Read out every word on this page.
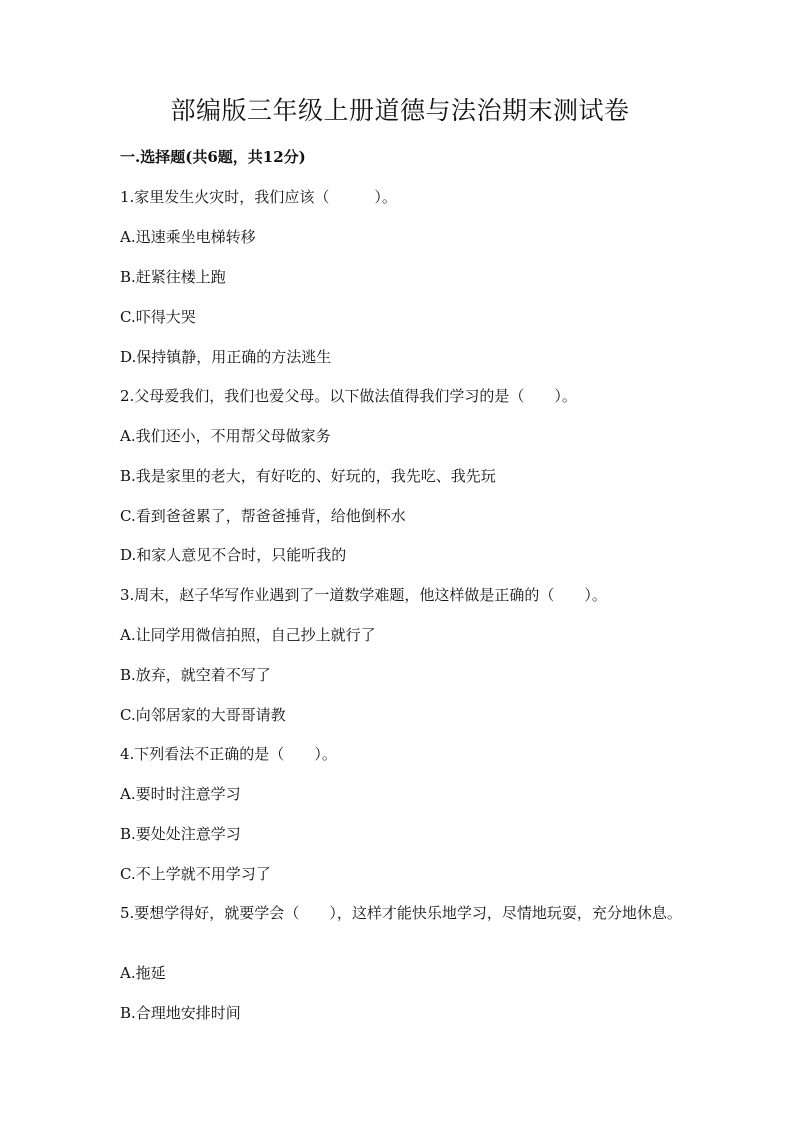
部编版三年级上册道德与法治期末测试卷
一.选择题(共6题，共12分)
1.家里发生火灾时，我们应该（　　　）。
A.迅速乘坐电梯转移
B.赶紧往楼上跑
C.吓得大哭
D.保持镇静，用正确的方法逃生
2.父母爱我们，我们也爱父母。以下做法值得我们学习的是（　　）。
A.我们还小，不用帮父母做家务
B.我是家里的老大，有好吃的、好玩的，我先吃、我先玩
C.看到爸爸累了，帮爸爸捶背，给他倒杯水
D.和家人意见不合时，只能听我的
3.周末，赵子华写作业遇到了一道数学难题，他这样做是正确的（　　）。
A.让同学用微信拍照，自己抄上就行了
B.放弃，就空着不写了
C.向邻居家的大哥哥请教
4.下列看法不正确的是（　　）。
A.要时时注意学习
B.要处处注意学习
C.不上学就不用学习了
5.要想学得好，就要学会（　　），这样才能快乐地学习，尽情地玩耍，充分地休息。
A.拖延
B.合理地安排时间
